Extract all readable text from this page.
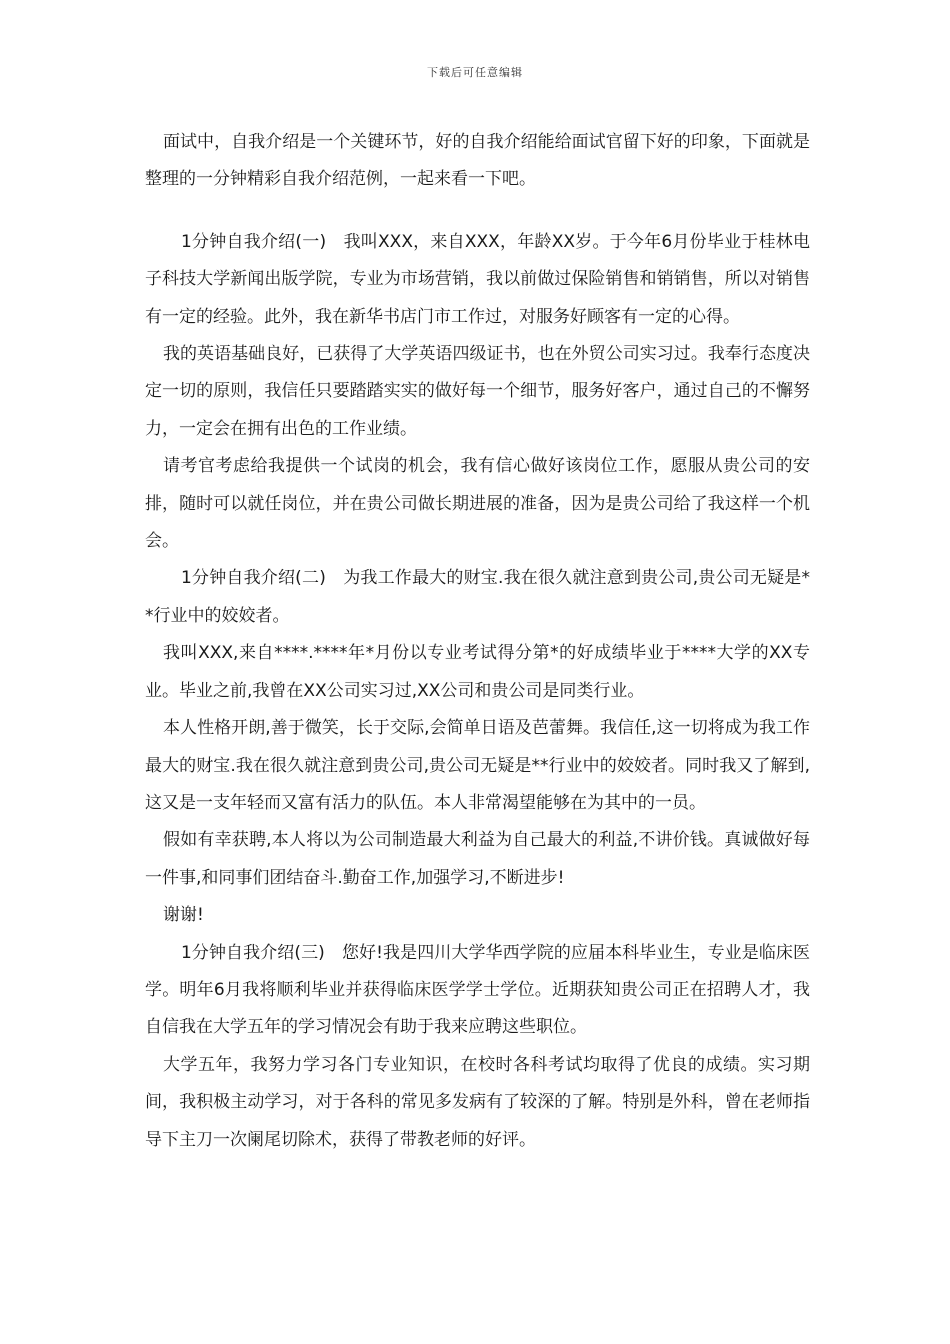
下载后可任意编辑

面试中，自我介绍是一个关键环节，好的自我介绍能给面试官留下好的印象，下面就是整理的一分钟精彩自我介绍范例，一起来看一下吧。

1分钟自我介绍(一)　我叫XXX，来自XXX，年龄XX岁。于今年6月份毕业于桂林电子科技大学新闻出版学院，专业为市场营销，我以前做过保险销售和销销售，所以对销售有一定的经验。此外，我在新华书店门市工作过，对服务好顾客有一定的心得。

我的英语基础良好，已获得了大学英语四级证书，也在外贸公司实习过。我奉行态度决定一切的原则，我信任只要踏踏实实的做好每一个细节，服务好客户，通过自己的不懈努力，一定会在拥有出色的工作业绩。

请考官考虑给我提供一个试岗的机会，我有信心做好该岗位工作，愿服从贵公司的安排，随时可以就任岗位，并在贵公司做长期进展的准备，因为是贵公司给了我这样一个机会。

1分钟自我介绍(二)　为我工作最大的财宝.我在很久就注意到贵公司,贵公司无疑是**行业中的姣姣者。

我叫XXX,来自****.****年*月份以专业考试得分第*的好成绩毕业于****大学的XX专业。毕业之前,我曾在XX公司实习过,XX公司和贵公司是同类行业。

本人性格开朗,善于微笑，长于交际,会简单日语及芭蕾舞。我信任,这一切将成为我工作最大的财宝.我在很久就注意到贵公司,贵公司无疑是**行业中的姣姣者。同时我又了解到,这又是一支年轻而又富有活力的队伍。本人非常渴望能够在为其中的一员。

假如有幸获聘,本人将以为公司制造最大利益为自己最大的利益,不讲价钱。真诚做好每一件事,和同事们团结奋斗.勤奋工作,加强学习,不断进步!

谢谢!

1分钟自我介绍(三)　您好!我是四川大学华西学院的应届本科毕业生，专业是临床医学。明年6月我将顺利毕业并获得临床医学学士学位。近期获知贵公司正在招聘人才，我自信我在大学五年的学习情况会有助于我来应聘这些职位。

大学五年，我努力学习各门专业知识，在校时各科考试均取得了优良的成绩。实习期间，我积极主动学习，对于各科的常见多发病有了较深的了解。特别是外科，曾在老师指导下主刀一次阑尾切除术，获得了带教老师的好评。
